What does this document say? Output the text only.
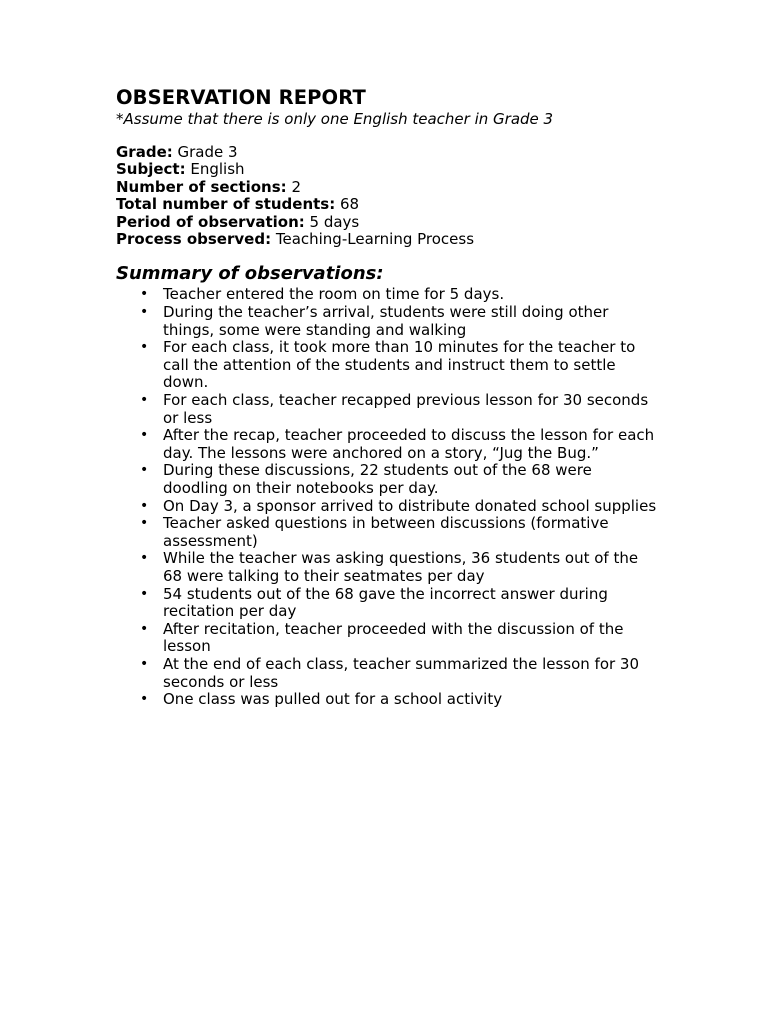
OBSERVATION REPORT

*Assume that there is only one English teacher in Grade 3

Grade: Grade 3
Subject: English
Number of sections: 2
Total number of students: 68
Period of observation: 5 days
Process observed: Teaching-Learning Process
Summary of observations:
• Teacher entered the room on time for 5 days.
• During the teacher’s arrival, students were still doing other things, some were standing and walking
• For each class, it took more than 10 minutes for the teacher to call the attention of the students and instruct them to settle down.
• For each class, teacher recapped previous lesson for 30 seconds or less
• After the recap, teacher proceeded to discuss the lesson for each day. The lessons were anchored on a story, “Jug the Bug.”
• During these discussions, 22 students out of the 68 were doodling on their notebooks per day.
• On Day 3, a sponsor arrived to distribute donated school supplies
• Teacher asked questions in between discussions (formative assessment)
• While the teacher was asking questions, 36 students out of the 68 were talking to their seatmates per day
• 54 students out of the 68 gave the incorrect answer during recitation per day
• After recitation, teacher proceeded with the discussion of the lesson
• At the end of each class, teacher summarized the lesson for 30 seconds or less
• One class was pulled out for a school activity
